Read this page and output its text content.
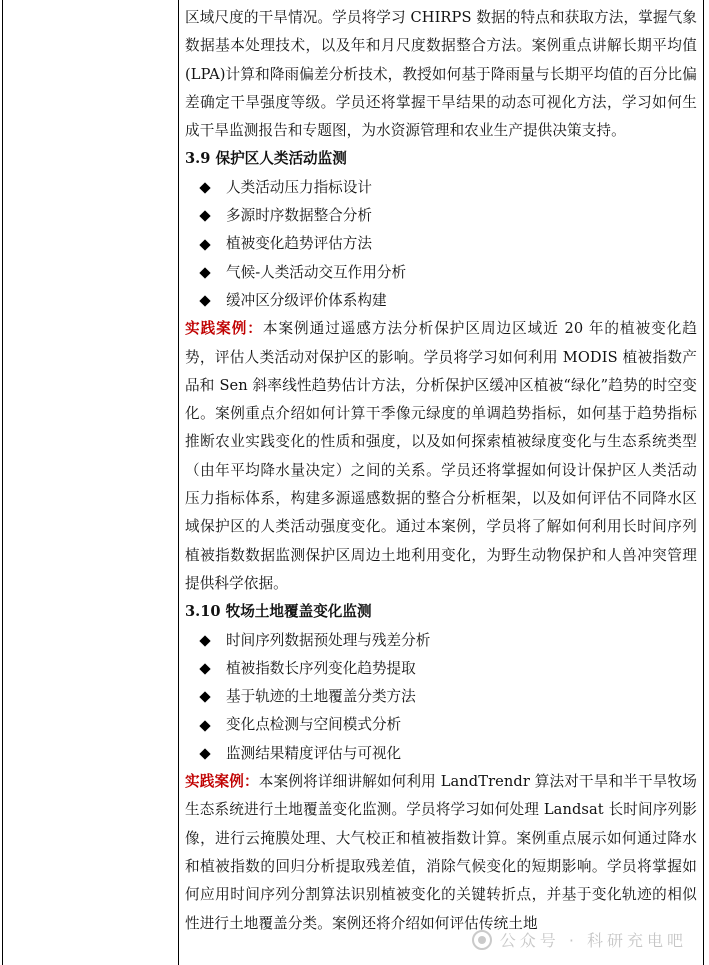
区域尺度的干旱情况。学员将学习 CHIRPS 数据的特点和获取方法，掌握气象数据基本处理技术，以及年和月尺度数据整合方法。案例重点讲解长期平均值(LPA)计算和降雨偏差分析技术，教授如何基于降雨量与长期平均值的百分比偏差确定干旱强度等级。学员还将掌握干旱结果的动态可视化方法，学习如何生成干旱监测报告和专题图，为水资源管理和农业生产提供决策支持。

3.9 保护区人类活动监测

人类活动压力指标设计
多源时序数据整合分析
植被变化趋势评估方法
气候-人类活动交互作用分析
缓冲区分级评价体系构建

实践案例：本案例通过遥感方法分析保护区周边区域近 20 年的植被变化趋势，评估人类活动对保护区的影响。学员将学习如何利用 MODIS 植被指数产品和 Sen 斜率线性趋势估计方法，分析保护区缓冲区植被“绿化”趋势的时空变化。案例重点介绍如何计算干季像元绿度的单调趋势指标，如何基于趋势指标推断农业实践变化的性质和强度，以及如何探索植被绿度变化与生态系统类型（由年平均降水量决定）之间的关系。学员还将掌握如何设计保护区人类活动压力指标体系，构建多源遥感数据的整合分析框架，以及如何评估不同降水区域保护区的人类活动强度变化。通过本案例，学员将了解如何利用长时间序列植被指数数据监测保护区周边土地利用变化，为野生动物保护和人兽冲突管理提供科学依据。

3.10 牧场土地覆盖变化监测

时间序列数据预处理与残差分析
植被指数长序列变化趋势提取
基于轨迹的土地覆盖分类方法
变化点检测与空间模式分析
监测结果精度评估与可视化

实践案例：本案例将详细讲解如何利用 LandTrendr 算法对干旱和半干旱牧场生态系统进行土地覆盖变化监测。学员将学习如何处理 Landsat 长时间序列影像，进行云掩膜处理、大气校正和植被指数计算。案例重点展示如何通过降水和植被指数的回归分析提取残差值，消除气候变化的短期影响。学员将掌握如何应用时间序列分割算法识别植被变化的关键转折点，并基于变化轨迹的相似性进行土地覆盖分类。案例还将介绍如何评估传统土地

公众号 · 科研充电吧
